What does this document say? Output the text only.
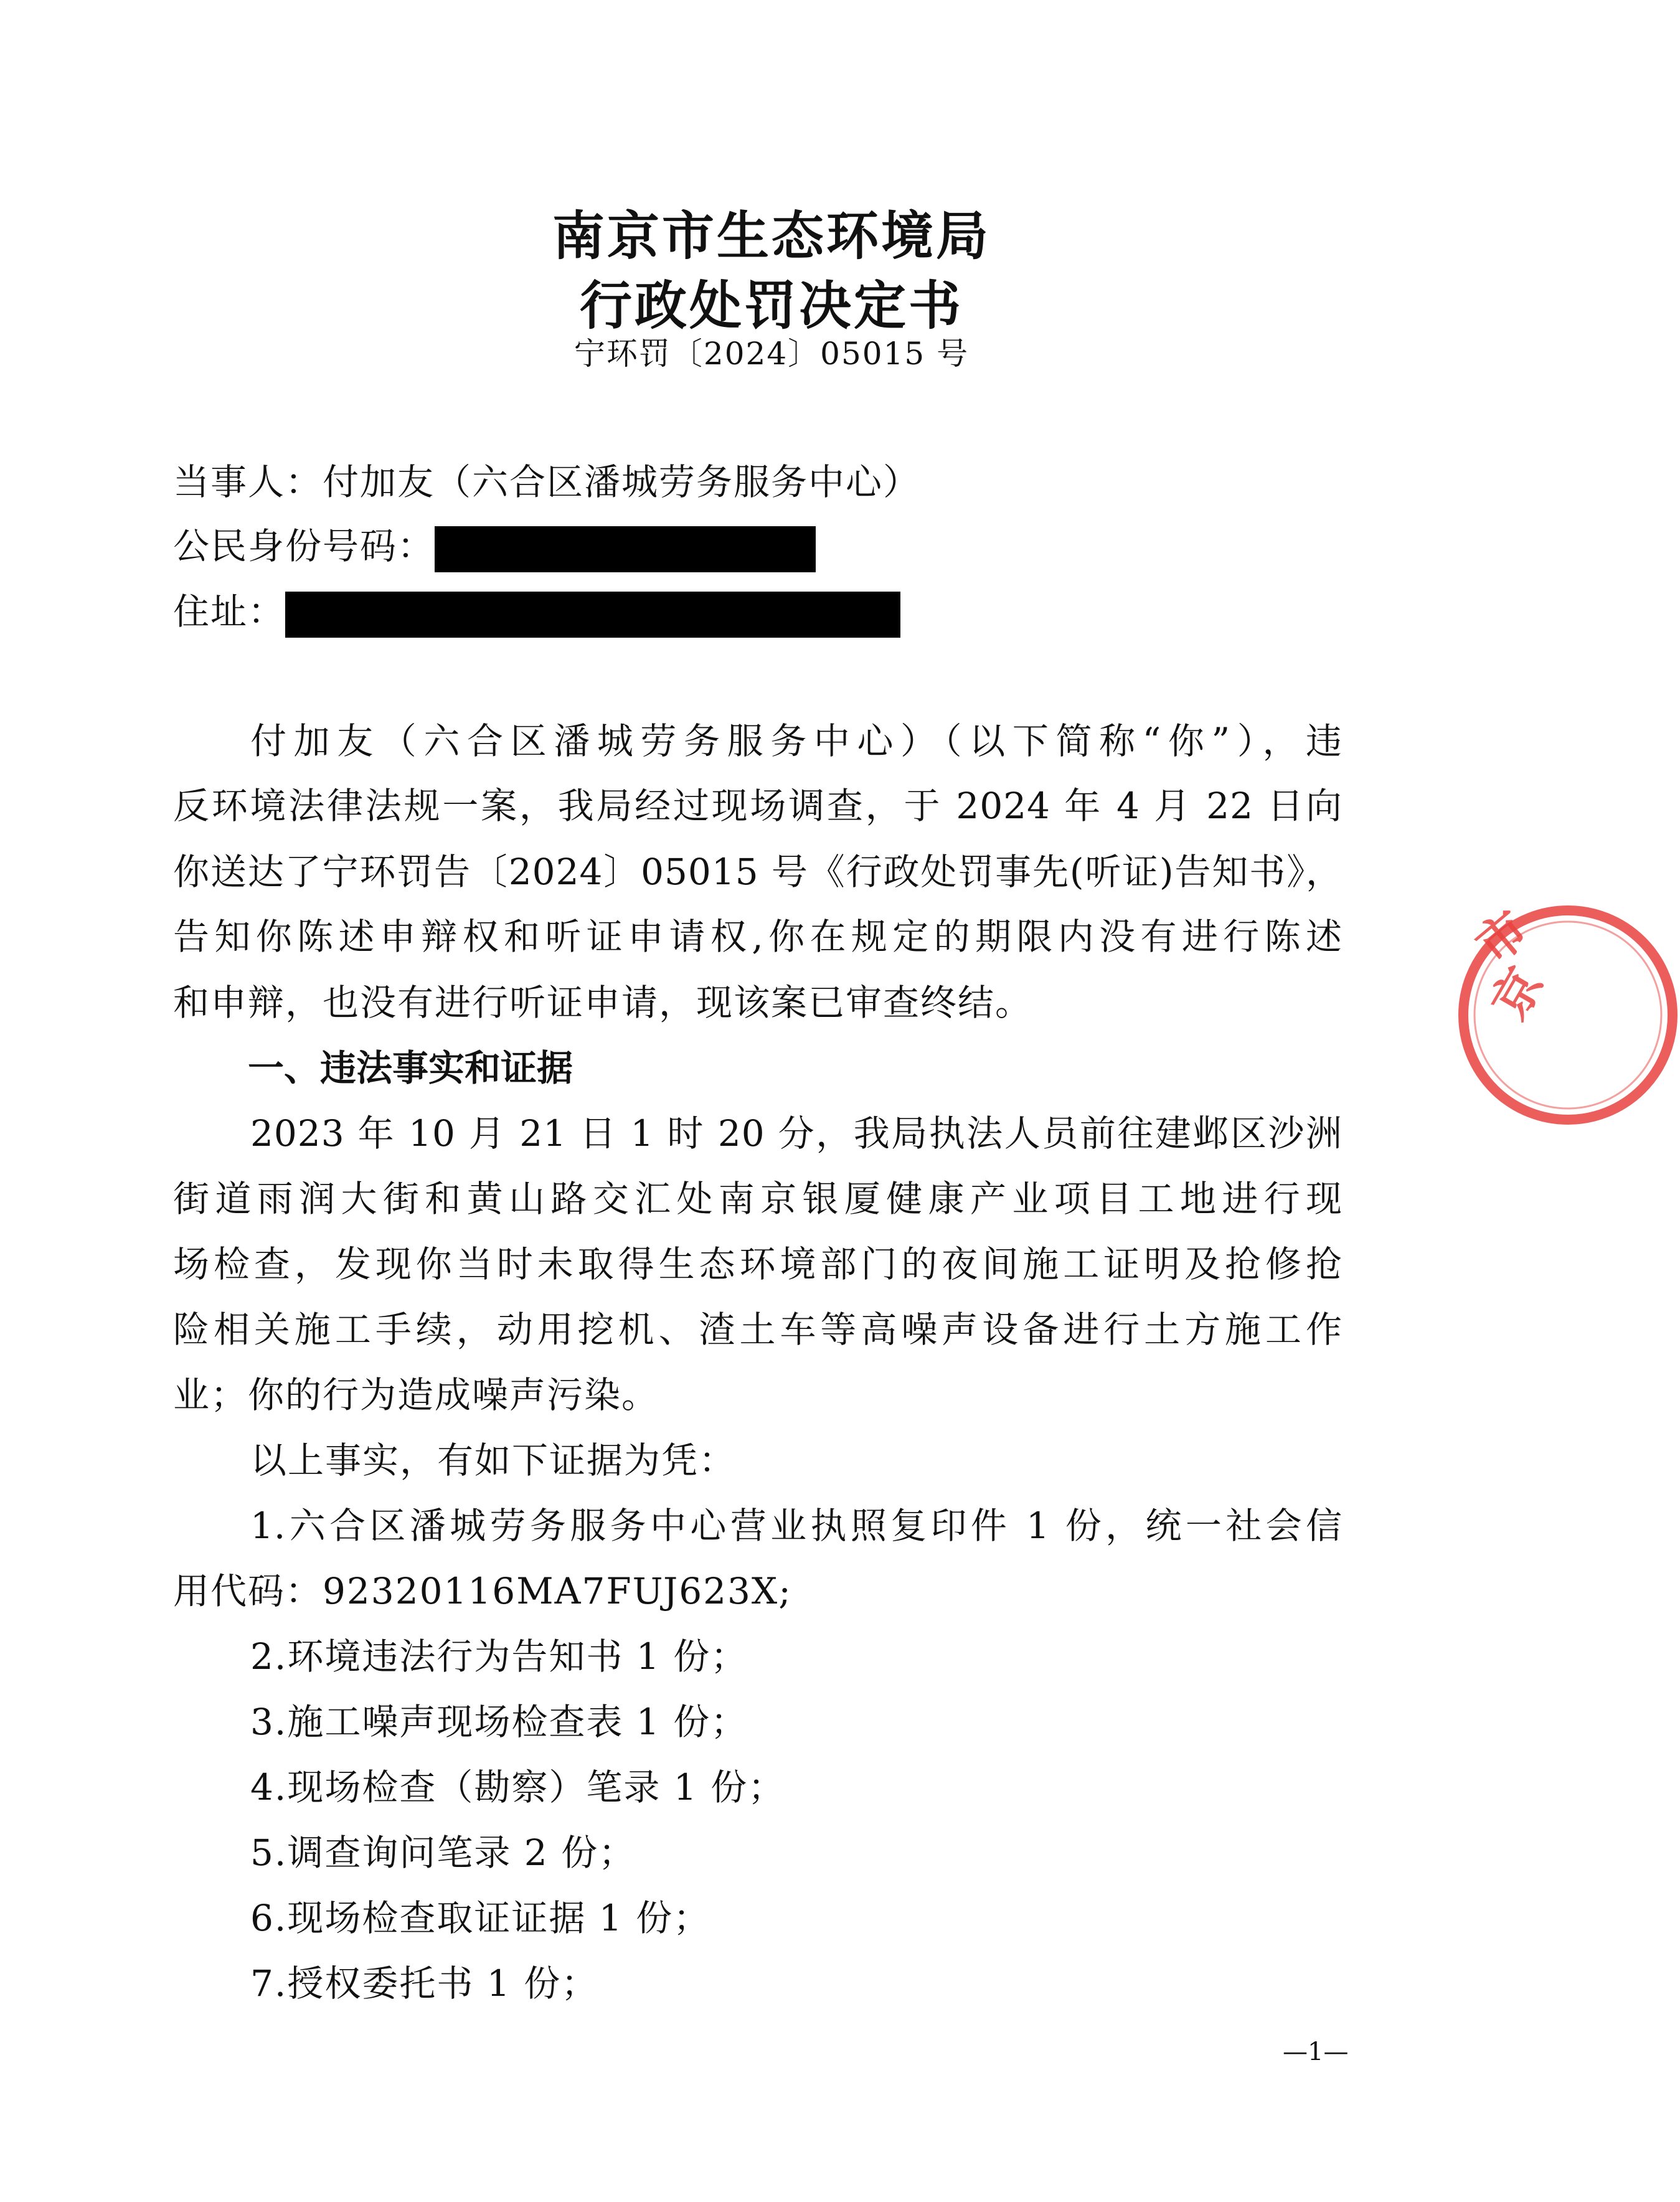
南京市生态环境局
行政处罚决定书
宁环罚〔2024〕05015 号
当事人：付加友（六合区潘城劳务服务中心）
公民身份号码：
住址：
付加友（六合区潘城劳务服务中心）（以下简称“你”），违
反环境法律法规一案，我局经过现场调查，于 2024 年 4 月 22 日向
你送达了宁环罚告〔2024〕05015 号《行政处罚事先(听证)告知书》，
告知你陈述申辩权和听证申请权,你在规定的期限内没有进行陈述
和申辩，也没有进行听证申请，现该案已审查终结。
一、违法事实和证据
2023 年 10 月 21 日 1 时 20 分，我局执法人员前往建邺区沙洲
街道雨润大街和黄山路交汇处南京银厦健康产业项目工地进行现
场检查，发现你当时未取得生态环境部门的夜间施工证明及抢修抢
险相关施工手续，动用挖机、渣土车等高噪声设备进行土方施工作
业；你的行为造成噪声污染。
以上事实，有如下证据为凭：
1.六合区潘城劳务服务中心营业执照复印件 1 份，统一社会信
用代码：92320116MA7FUJ623X;
2.环境违法行为告知书 1 份；
3.施工噪声现场检查表 1 份；
4.现场检查（勘察）笔录 1 份；
5.调查询问笔录 2 份；
6.现场检查取证证据 1 份；
7.授权委托书 1 份；
—1—
京
市
